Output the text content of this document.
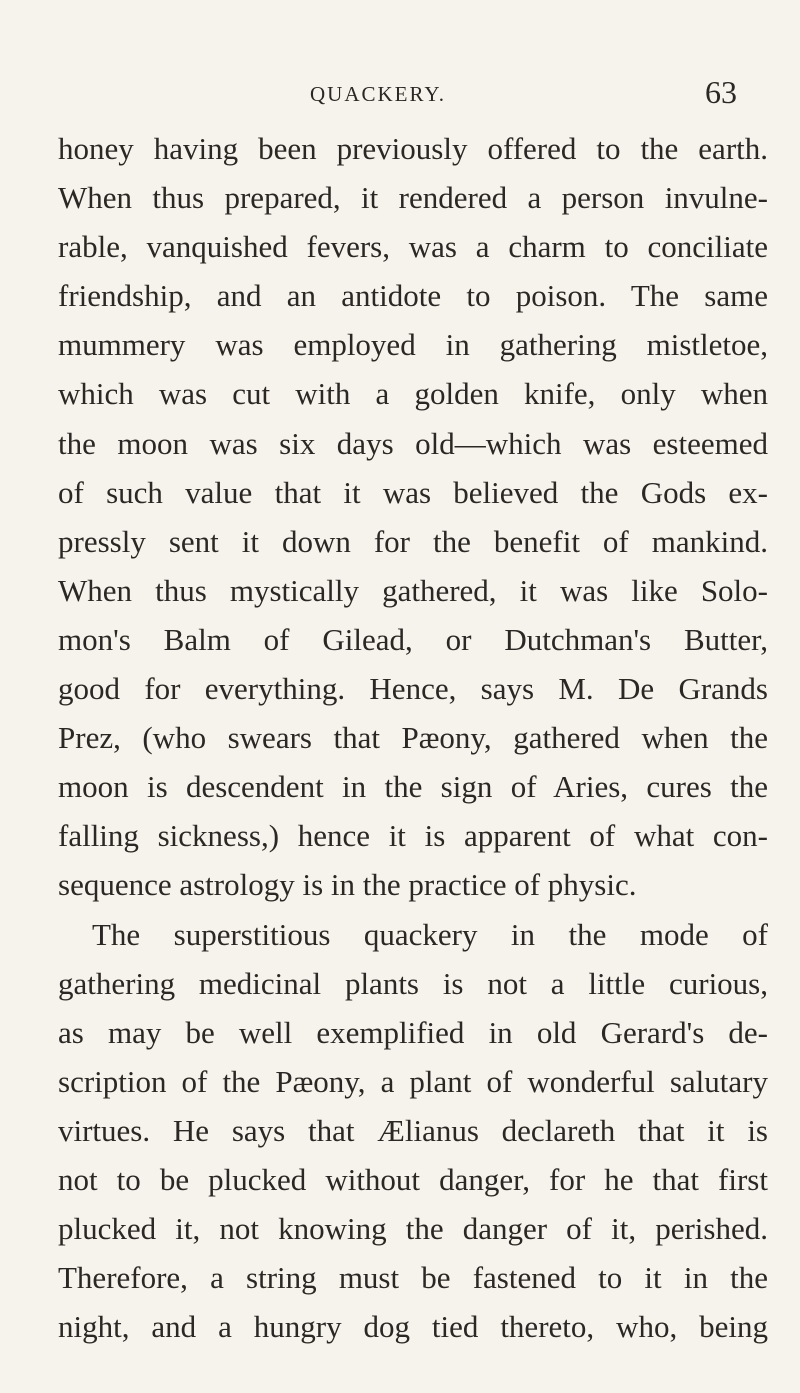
QUACKERY.	63
honey having been previously offered to the earth.
When thus prepared, it rendered a person invulne-
rable, vanquished fevers, was a charm to conciliate
friendship, and an antidote to poison. The same
mummery was employed in gathering mistletoe,
which was cut with a golden knife, only when
the moon was six days old—which was esteemed
of such value that it was believed the Gods ex-
pressly sent it down for the benefit of mankind.
When thus mystically gathered, it was like Solo-
mon's Balm of Gilead, or Dutchman's Butter,
good for everything. Hence, says M. De Grands
Prez, (who swears that Pæony, gathered when the
moon is descendent in the sign of Aries, cures the
falling sickness,) hence it is apparent of what con-
sequence astrology is in the practice of physic.
The superstitious quackery in the mode of
gathering medicinal plants is not a little curious,
as may be well exemplified in old Gerard's de-
scription of the Pæony, a plant of wonderful salutary
virtues. He says that Ælianus declareth that it is
not to be plucked without danger, for he that first
plucked it, not knowing the danger of it, perished.
Therefore, a string must be fastened to it in the
night, and a hungry dog tied thereto, who, being
